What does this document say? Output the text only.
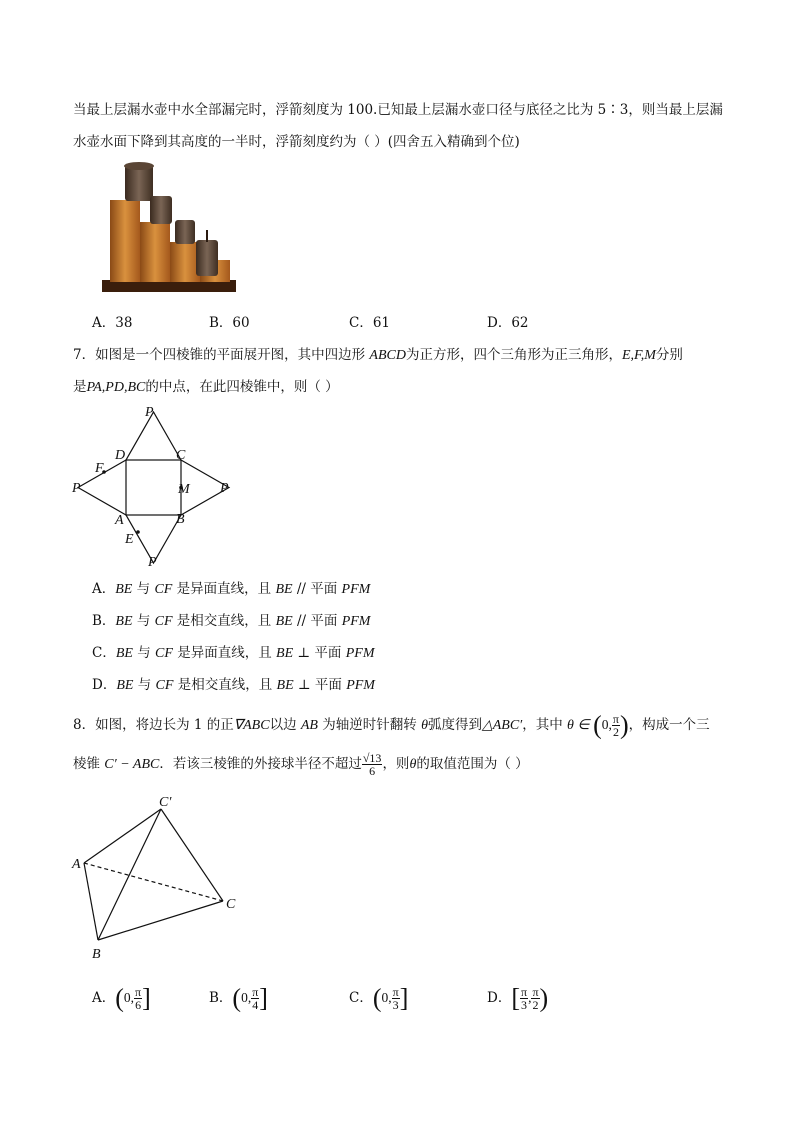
当最上层漏水壶中水全部漏完时，浮箭刻度为 100.已知最上层漏水壶口径与底径之比为 5∶3，则当最上层漏
水壶水面下降到其高度的一半时，浮箭刻度约为（ ）(四舍五入精确到个位)
A．38	B．60	C．61	D．62
7．如图是一个四棱锥的平面展开图，其中四边形 ABCD为正方形，四个三角形为正三角形，E,F,M分别
是PA,PD,BC的中点，在此四棱锥中，则（ ）
P
P	P
P
D	C
A	B
F
M
E
A．BE 与 CF 是异面直线，且 BE // 平面 PFM
B．BE 与 CF 是相交直线，且 BE // 平面 PFM
C．BE 与 CF 是异面直线，且 BE ⊥ 平面 PFM
D．BE 与 CF 是相交直线，且 BE ⊥ 平面 PFM
8．如图，将边长为 1 的正∇ABC以边 AB 为轴逆时针翻转 θ弧度得到△ABC′，其中 θ ∈ (0, $\frac{\pi}{2}$ )，构成一个三
棱锥 C′ − ABC．若该三棱锥的外接球半径不超过 $\frac{√13}{6}$ ，则θ的取值范围为（ ）
C′
A
B
C
A．(0, $\frac{\pi}{6}$ ]	B．(0, $\frac{\pi}{4}$ ]	C．(0, $\frac{\pi}{3}$ ]	D．[ $\frac{\pi}{3}$ , $\frac{\pi}{2}$ )
